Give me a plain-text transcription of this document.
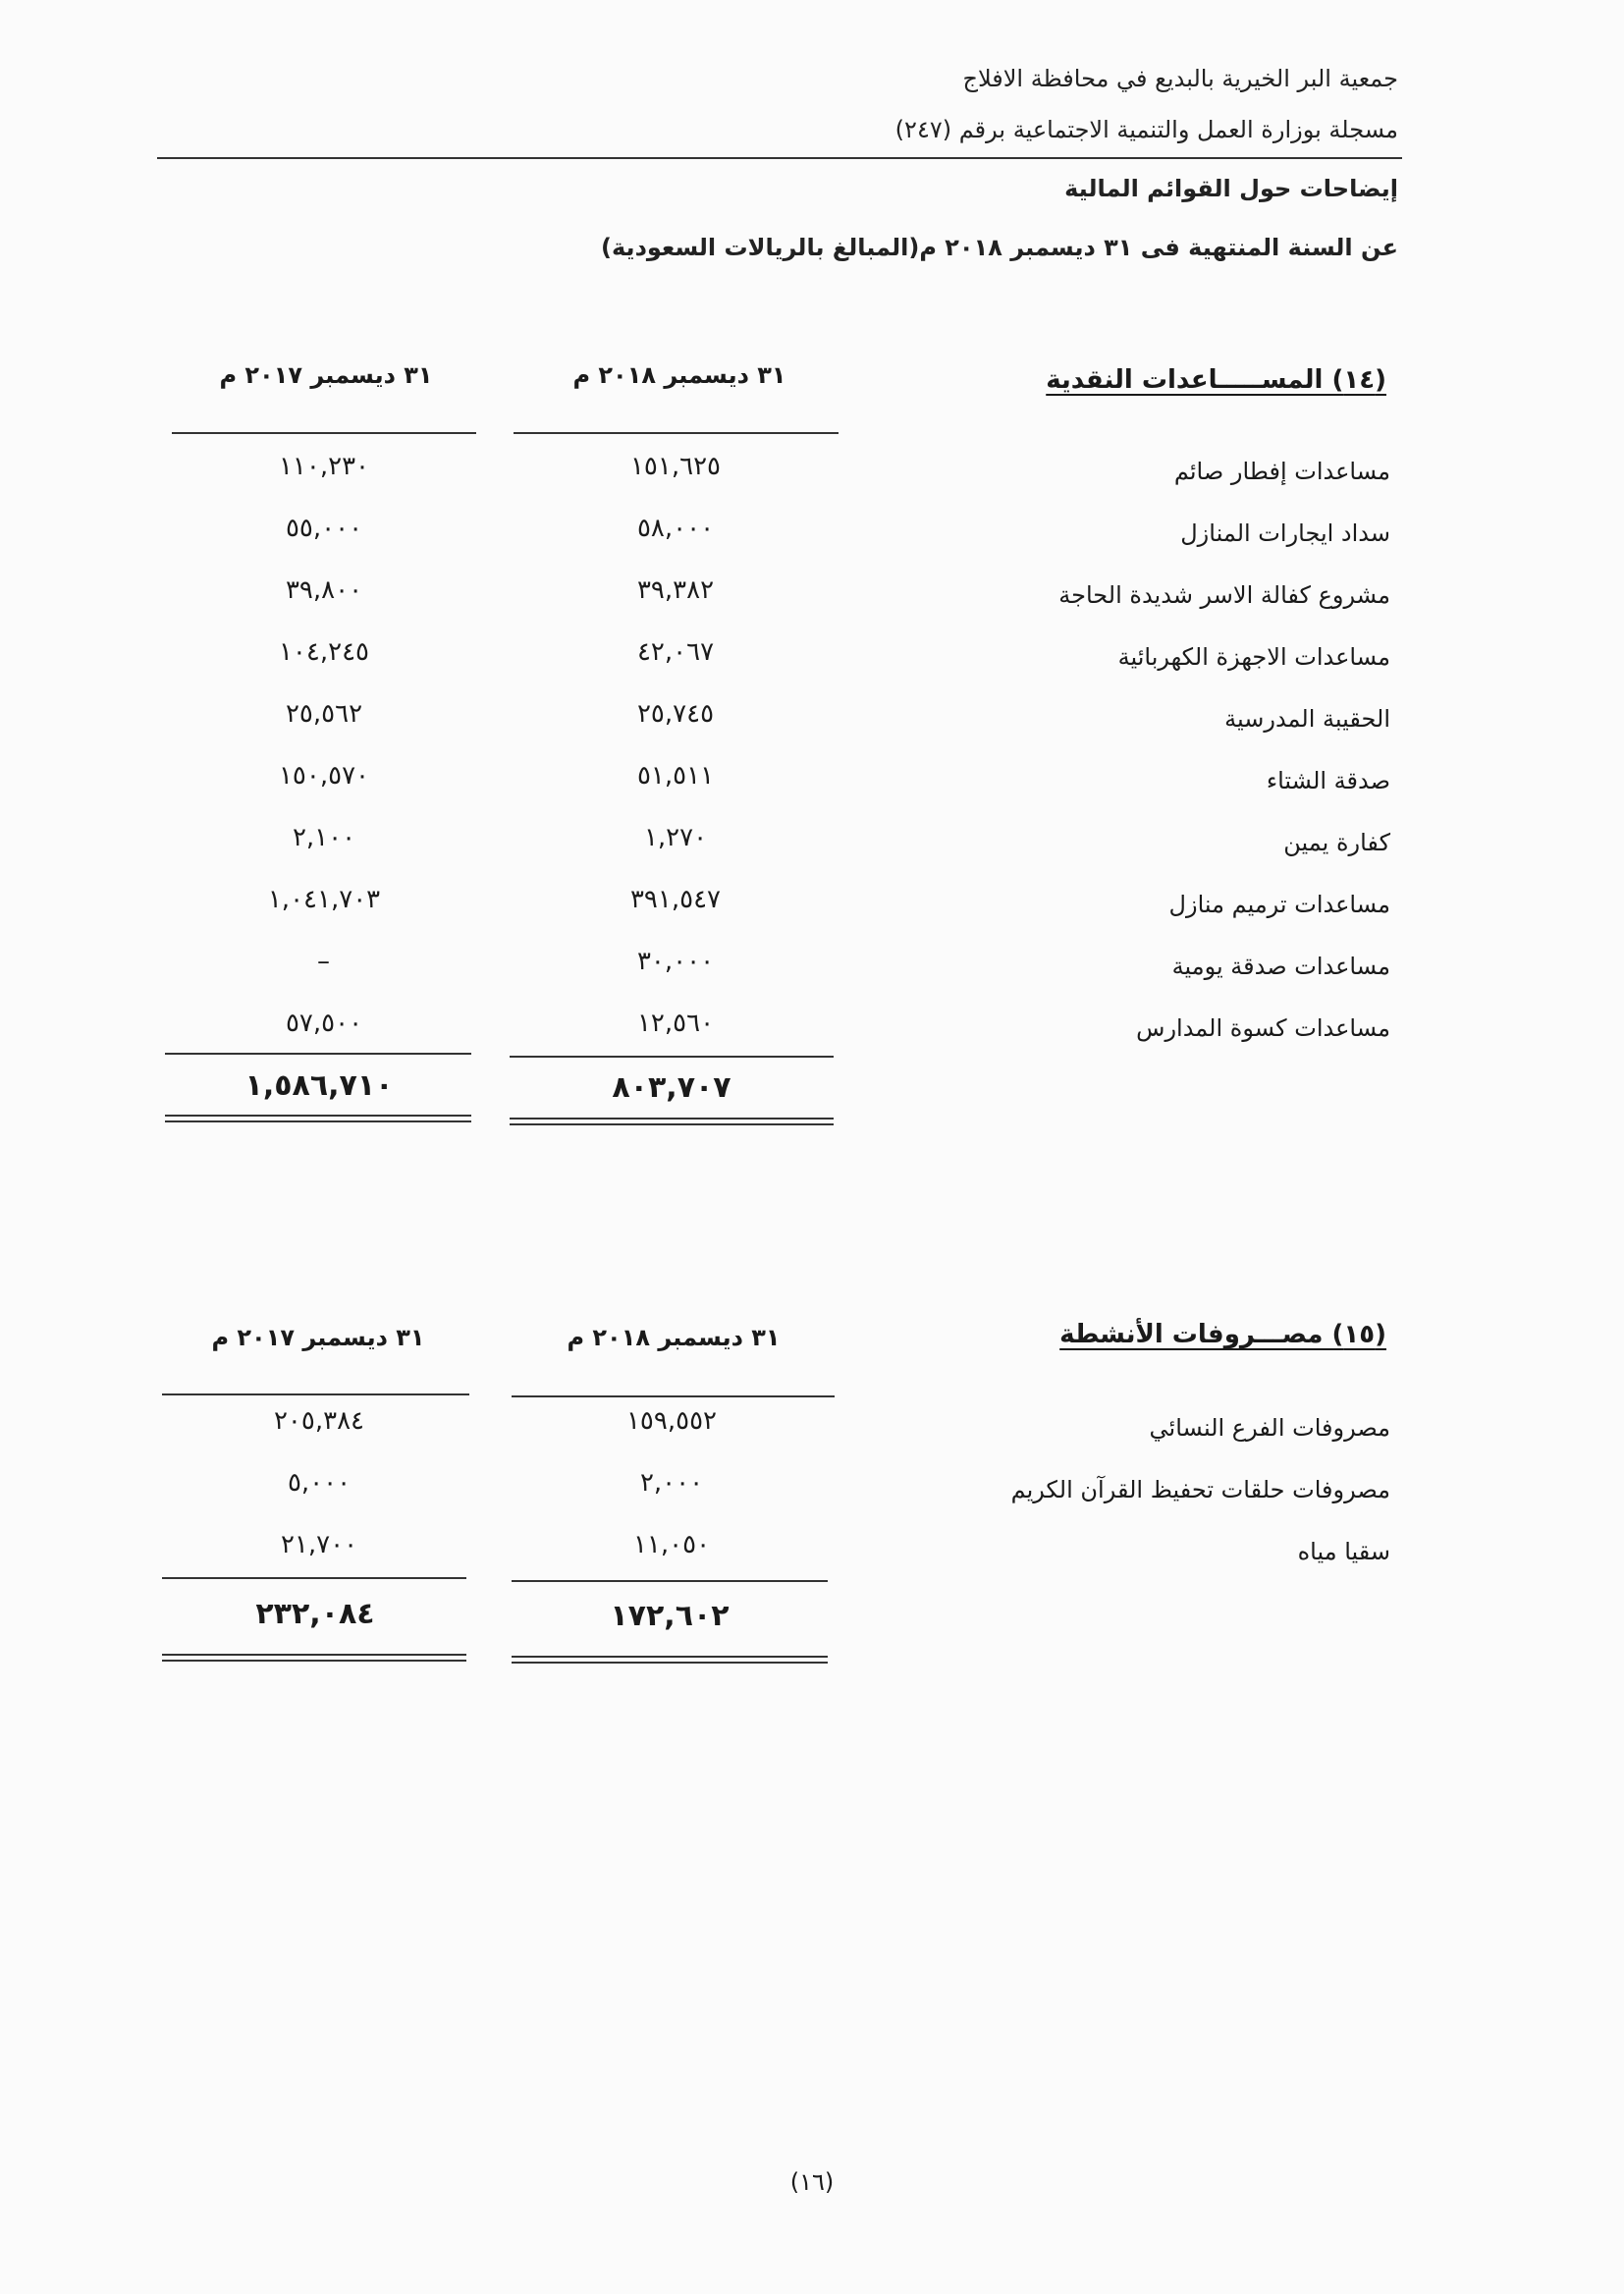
جمعية البر الخيرية بالبديع في محافظة الافلاج
مسجلة بوزارة العمل والتنمية الاجتماعية برقم (٢٤٧)
إيضاحات حول القوائم المالية
عن السنة المنتهية فى ٣١ ديسمبر ٢٠١٨ م(المبالغ بالريالات السعودية)
(١٤) المســـــاعدات النقدية
٣١ ديسمبر ٢٠١٨ م
٣١ ديسمبر ٢٠١٧ م
مساعدات إفطار صائم
١٥١,٦٢٥
١١٠,٢٣٠
سداد ايجارات المنازل
٥٨,٠٠٠
٥٥,٠٠٠
مشروع كفالة الاسر شديدة الحاجة
٣٩,٣٨٢
٣٩,٨٠٠
مساعدات الاجهزة الكهربائية
٤٢,٠٦٧
١٠٤,٢٤٥
الحقيبة المدرسية
٢٥,٧٤٥
٢٥,٥٦٢
صدقة الشتاء
٥١,٥١١
١٥٠,٥٧٠
كفارة يمين
١,٢٧٠
٢,١٠٠
مساعدات ترميم منازل
٣٩١,٥٤٧
١,٠٤١,٧٠٣
مساعدات صدقة يومية
٣٠,٠٠٠
–
مساعدات كسوة المدارس
١٢,٥٦٠
٥٧,٥٠٠
٨٠٣,٧٠٧
١,٥٨٦,٧١٠
(١٥) مصـــروفات الأنشطة
٣١ ديسمبر ٢٠١٨ م
٣١ ديسمبر ٢٠١٧ م
مصروفات الفرع النسائي
١٥٩,٥٥٢
٢٠٥,٣٨٤
مصروفات حلقات تحفيظ القرآن الكريم
٢,٠٠٠
٥,٠٠٠
سقيا مياه
١١,٠٥٠
٢١,٧٠٠
١٧٢,٦٠٢
٢٣٢,٠٨٤
(١٦)
